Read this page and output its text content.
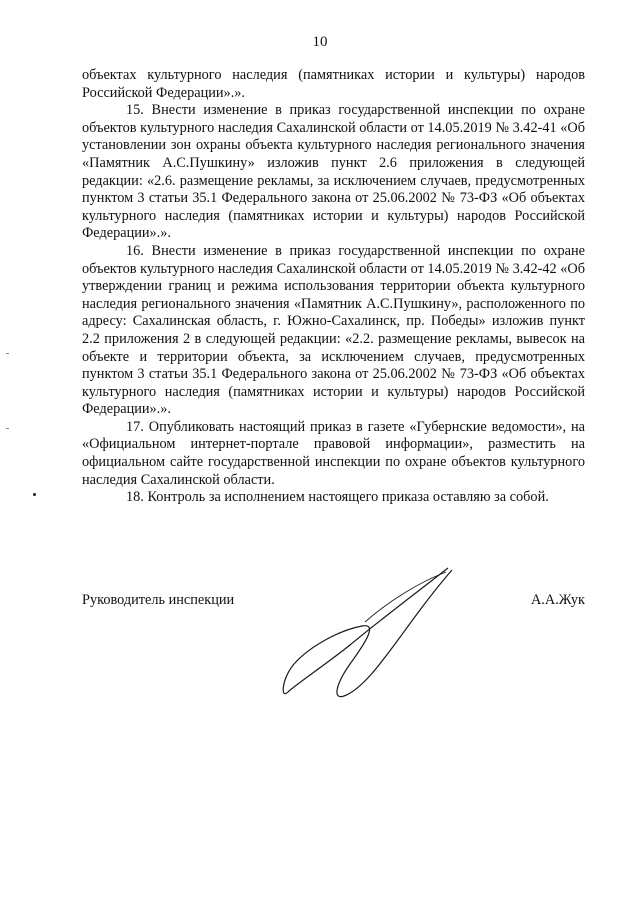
10

объектах культурного наследия (памятниках истории и культуры) народов Российской Федерации».».

15. Внести изменение в приказ государственной инспекции по охране объектов культурного наследия Сахалинской области от 14.05.2019 № 3.42-41 «Об установлении зон охраны объекта культурного наследия регионального значения «Памятник А.С.Пушкину» изложив пункт 2.6 приложения в следующей редакции: «2.6. размещение рекламы, за исключением случаев, предусмотренных пунктом 3 статьи 35.1 Федерального закона от 25.06.2002 № 73-ФЗ «Об объектах культурного наследия (памятниках истории и культуры) народов Российской Федерации».».

16. Внести изменение в приказ государственной инспекции по охране объектов культурного наследия Сахалинской области от 14.05.2019 № 3.42-42 «Об утверждении границ и режима использования территории объекта культурного наследия регионального значения «Памятник А.С.Пушкину», расположенного по адресу: Сахалинская область, г. Южно-Сахалинск, пр. Победы» изложив пункт 2.2 приложения 2 в следующей редакции: «2.2. размещение рекламы, вывесок на объекте и территории объекта, за исключением случаев, предусмотренных пунктом 3 статьи 35.1 Федерального закона от 25.06.2002 № 73-ФЗ «Об объектах культурного наследия (памятниках истории и культуры) народов Российской Федерации».».

17. Опубликовать настоящий приказ в газете «Губернские ведомости», на «Официальном интернет-портале правовой информации», разместить на официальном сайте государственной инспекции по охране объектов культурного наследия Сахалинской области.

18. Контроль за исполнением настоящего приказа оставляю за собой.

Руководитель инспекции	А.А.Жук
